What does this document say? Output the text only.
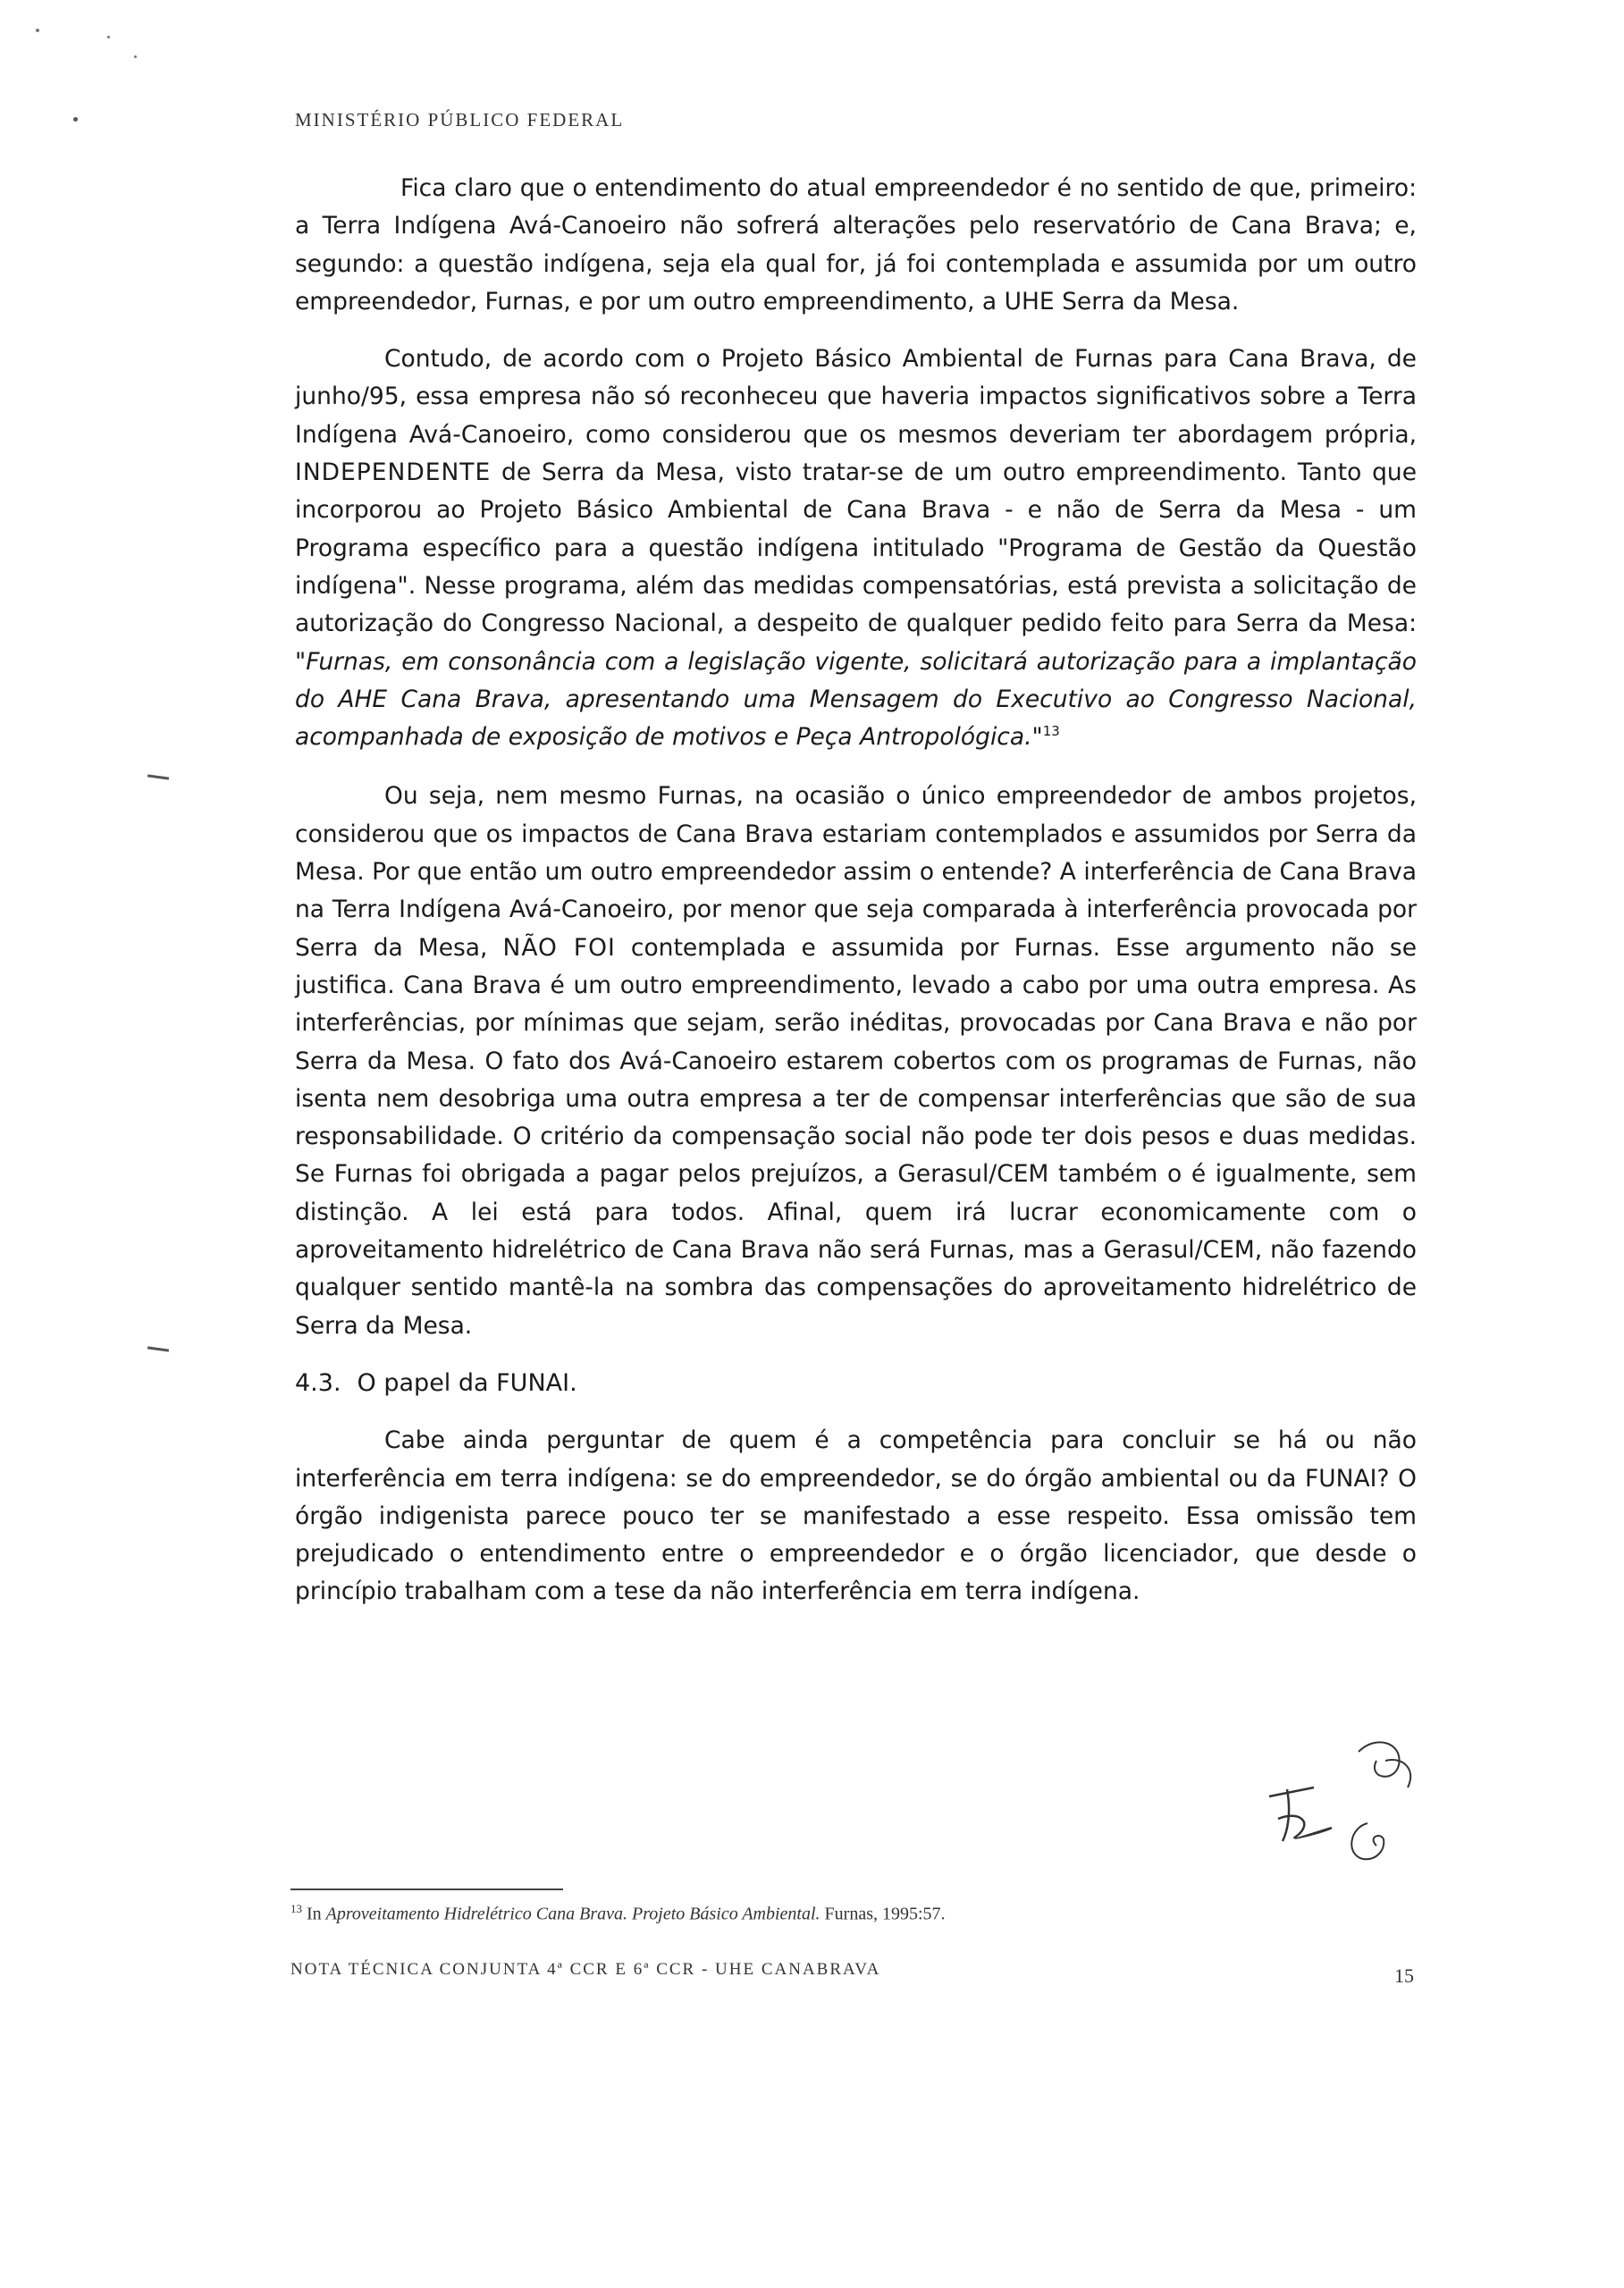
MINISTÉRIO PÚBLICO FEDERAL

Fica claro que o entendimento do atual empreendedor é no sentido de que, primeiro: a Terra Indígena Avá-Canoeiro não sofrerá alterações pelo reservatório de Cana Brava; e, segundo: a questão indígena, seja ela qual for, já foi contemplada e assumida por um outro empreendedor, Furnas, e por um outro empreendimento, a UHE Serra da Mesa.

Contudo, de acordo com o Projeto Básico Ambiental de Furnas para Cana Brava, de junho/95, essa empresa não só reconheceu que haveria impactos significativos sobre a Terra Indígena Avá-Canoeiro, como considerou que os mesmos deveriam ter abordagem própria, INDEPENDENTE de Serra da Mesa, visto tratar-se de um outro empreendimento. Tanto que incorporou ao Projeto Básico Ambiental de Cana Brava - e não de Serra da Mesa - um Programa específico para a questão indígena intitulado "Programa de Gestão da Questão indígena". Nesse programa, além das medidas compensatórias, está prevista a solicitação de autorização do Congresso Nacional, a despeito de qualquer pedido feito para Serra da Mesa: "Furnas, em consonância com a legislação vigente, solicitará autorização para a implantação do AHE Cana Brava, apresentando uma Mensagem do Executivo ao Congresso Nacional, acompanhada de exposição de motivos e Peça Antropológica."$^{13}$

Ou seja, nem mesmo Furnas, na ocasião o único empreendedor de ambos projetos, considerou que os impactos de Cana Brava estariam contemplados e assumidos por Serra da Mesa. Por que então um outro empreendedor assim o entende? A interferência de Cana Brava na Terra Indígena Avá-Canoeiro, por menor que seja comparada à interferência provocada por Serra da Mesa, NÃO FOI contemplada e assumida por Furnas. Esse argumento não se justifica. Cana Brava é um outro empreendimento, levado a cabo por uma outra empresa. As interferências, por mínimas que sejam, serão inéditas, provocadas por Cana Brava e não por Serra da Mesa. O fato dos Avá-Canoeiro estarem cobertos com os programas de Furnas, não isenta nem desobriga uma outra empresa a ter de compensar interferências que são de sua responsabilidade. O critério da compensação social não pode ter dois pesos e duas medidas. Se Furnas foi obrigada a pagar pelos prejuízos, a Gerasul/CEM também o é igualmente, sem distinção. A lei está para todos. Afinal, quem irá lucrar economicamente com o aproveitamento hidrelétrico de Cana Brava não será Furnas, mas a Gerasul/CEM, não fazendo qualquer sentido mantê-la na sombra das compensações do aproveitamento hidrelétrico de Serra da Mesa.

4.3. O papel da FUNAI.

Cabe ainda perguntar de quem é a competência para concluir se há ou não interferência em terra indígena: se do empreendedor, se do órgão ambiental ou da FUNAI? O órgão indigenista parece pouco ter se manifestado a esse respeito. Essa omissão tem prejudicado o entendimento entre o empreendedor e o órgão licenciador, que desde o princípio trabalham com a tese da não interferência em terra indígena.

$^{13}$ In Aproveitamento Hidrelétrico Cana Brava. Projeto Básico Ambiental. Furnas, 1995:57.
NOTA TÉCNICA CONJUNTA 4ª CCR E 6ª CCR - UHE CANABRAVA	15
